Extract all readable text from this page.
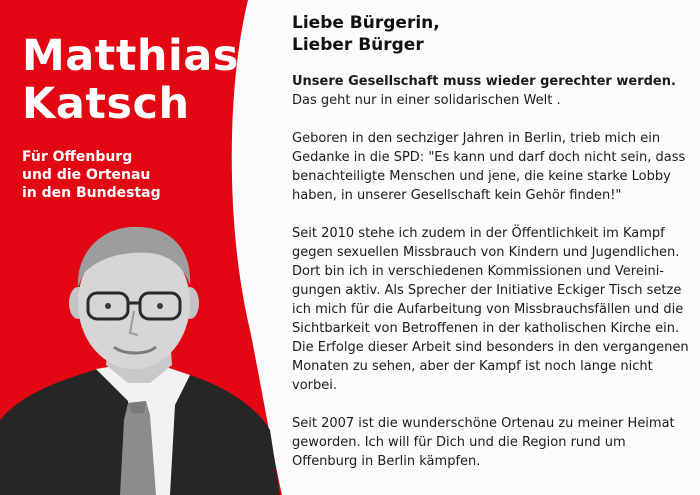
Matthias
Katsch
Für Offenburg
und die Ortenau
in den Bundestag
Liebe Bürgerin,
Lieber Bürger
Unsere Gesellschaft muss wieder gerechter werden.
Das geht nur in einer solidarischen Welt .
Geboren in den sechziger Jahren in Berlin, trieb mich ein
Gedanke in die SPD: "Es kann und darf doch nicht sein, dass
benachteiligte Menschen und jene, die keine starke Lobby
haben, in unserer Gesellschaft kein Gehör finden!"
Seit 2010 stehe ich zudem in der Öffentlichkeit im Kampf
gegen sexuellen Missbrauch von Kindern und Jugendlichen.
Dort bin ich in verschiedenen Kommissionen und Vereini-
gungen aktiv. Als Sprecher der Initiative Eckiger Tisch setze
ich mich für die Aufarbeitung von Missbrauchsfällen und die
Sichtbarkeit von Betroffenen in der katholischen Kirche ein.
Die Erfolge dieser Arbeit sind besonders in den vergangenen
Monaten zu sehen, aber der Kampf ist noch lange nicht
vorbei.
Seit 2007 ist die wunderschöne Ortenau zu meiner Heimat
geworden. Ich will für Dich und die Region rund um
Offenburg in Berlin kämpfen.
